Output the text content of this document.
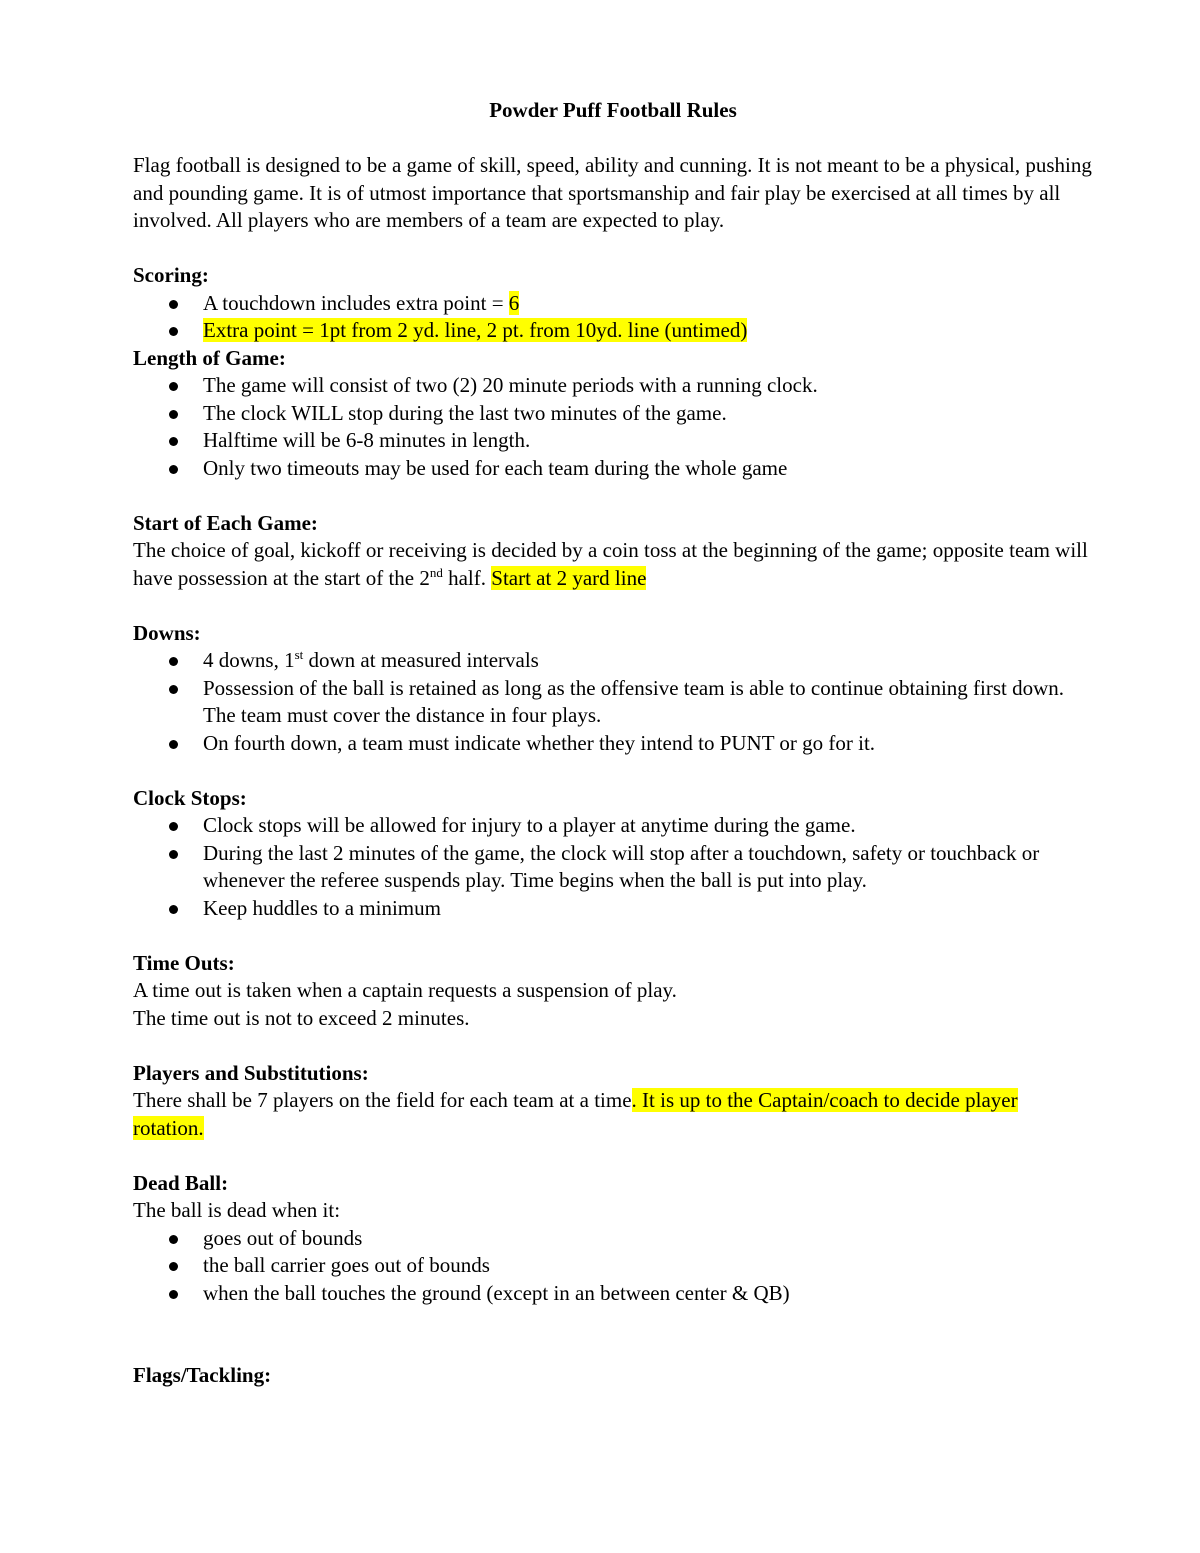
Powder Puff Football Rules

Flag football is designed to be a game of skill, speed, ability and cunning. It is not meant to be a physical, pushing and pounding game. It is of utmost importance that sportsmanship and fair play be exercised at all times by all involved. All players who are members of a team are expected to play.

Scoring:

A touchdown includes extra point = 6
Extra point = 1pt from 2 yd. line, 2 pt. from 10yd. line (untimed)

Length of Game:

The game will consist of two (2) 20 minute periods with a running clock.
The clock WILL stop during the last two minutes of the game.
Halftime will be 6-8 minutes in length.
Only two timeouts may be used for each team during the whole game

Start of Each Game:

The choice of goal, kickoff or receiving is decided by a coin toss at the beginning of the game; opposite team will have possession at the start of the 2nd half. Start at 2 yard line

Downs:

4 downs, 1st down at measured intervals
Possession of the ball is retained as long as the offensive team is able to continue obtaining first down. The team must cover the distance in four plays.
On fourth down, a team must indicate whether they intend to PUNT or go for it.

Clock Stops:

Clock stops will be allowed for injury to a player at anytime during the game.
During the last 2 minutes of the game, the clock will stop after a touchdown, safety or touchback or whenever the referee suspends play. Time begins when the ball is put into play.
Keep huddles to a minimum

Time Outs:

A time out is taken when a captain requests a suspension of play.

The time out is not to exceed 2 minutes.

Players and Substitutions:

There shall be 7 players on the field for each team at a time. It is up to the Captain/coach to decide player rotation.

Dead Ball:

The ball is dead when it:

goes out of bounds
the ball carrier goes out of bounds
when the ball touches the ground (except in an between center & QB)

Flags/Tackling:
